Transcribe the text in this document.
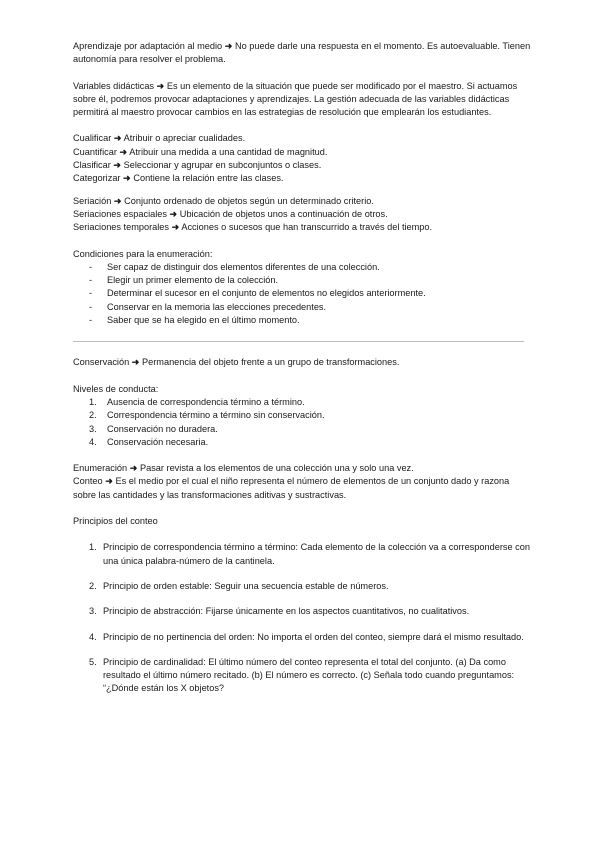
Aprendizaje por adaptación al medio ➜ No puede darle una respuesta en el momento. Es autoevaluable. Tienen autonomía para resolver el problema.

Variables didácticas ➜ Es un elemento de la situación que puede ser modificado por el maestro. Si actuamos sobre él, podremos provocar adaptaciones y aprendizajes. La gestión adecuada de las variables didácticas permitirá al maestro provocar cambios en las estrategias de resolución que emplearán los estudiantes.

Cualificar ➜ Atribuir o apreciar cualidades.

Cuantificar ➜ Atribuir una medida a una cantidad de magnitud.

Clasificar ➜ Seleccionar y agrupar en subconjuntos o clases.

Categorizar ➜ Contiene la relación entre las clases.

Seriación ➜ Conjunto ordenado de objetos según un determinado criterio.

Seriaciones espaciales ➜ Ubicación de objetos unos a continuación de otros.

Seriaciones temporales ➜ Acciones o sucesos que han transcurrido a través del tiempo.

Condiciones para la enumeración:

- Ser capaz de distinguir dos elementos diferentes de una colección.
- Elegir un primer elemento de la colección.
- Determinar el sucesor en el conjunto de elementos no elegidos anteriormente.
- Conservar en la memoria las elecciones precedentes.
- Saber que se ha elegido en el último momento.

Conservación ➜ Permanencia del objeto frente a un grupo de transformaciones.

Niveles de conducta:

1. Ausencia de correspondencia término a término.
2. Correspondencia término a término sin conservación.
3. Conservación no duradera.
4. Conservación necesaria.

Enumeración ➜ Pasar revista a los elementos de una colección una y solo una vez.

Conteo ➜ Es el medio por el cual el niño representa el número de elementos de un conjunto dado y razona sobre las cantidades y las transformaciones aditivas y sustractivas.

Principios del conteo

1. Principio de correspondencia término a término: Cada elemento de la colección va a corresponderse con una única palabra-número de la cantinela.
2. Principio de orden estable: Seguir una secuencia estable de números.
3. Principio de abstracción: Fijarse únicamente en los aspectos cuantitativos, no cualitativos.
4. Principio de no pertinencia del orden: No importa el orden del conteo, siempre dará el mismo resultado.
5. Principio de cardinalidad: El último número del conteo representa el total del conjunto. (a) Da como resultado el último número recitado. (b) El número es correcto. (c) Señala todo cuando preguntamos: “¿Dónde están los X objetos?
